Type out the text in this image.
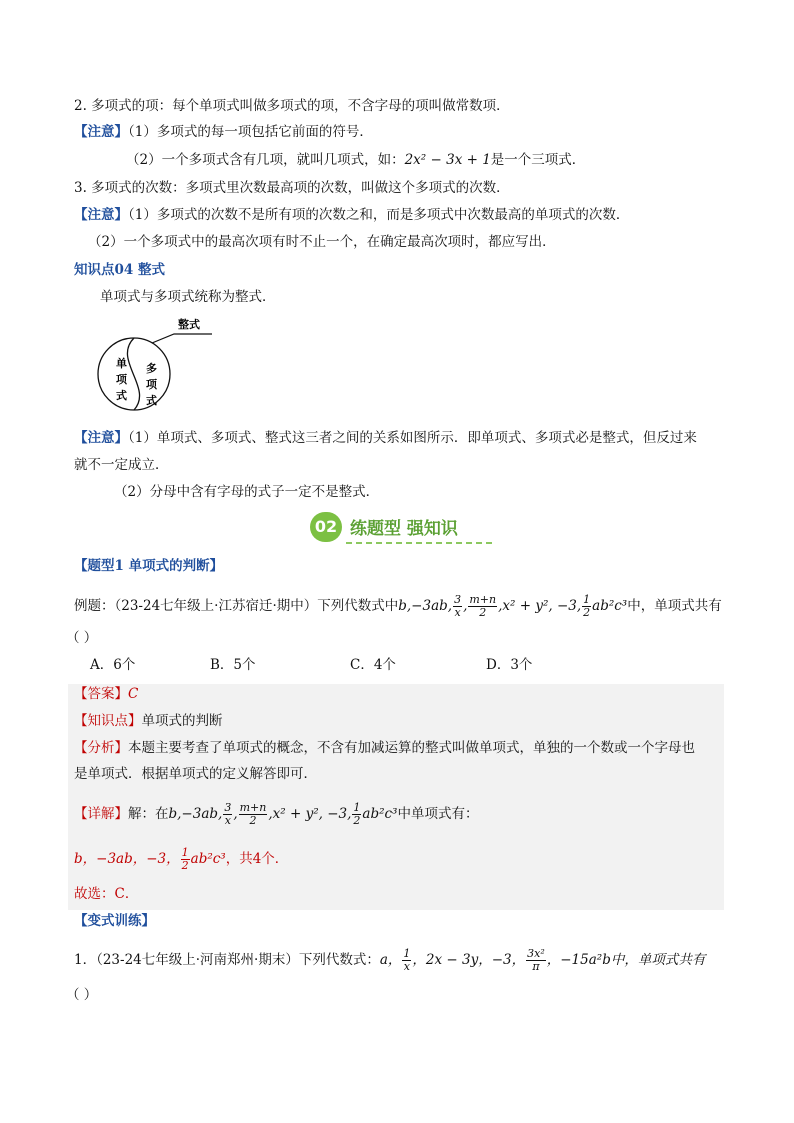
2. 多项式的项：每个单项式叫做多项式的项，不含字母的项叫做常数项．
【注意】（1）多项式的每一项包括它前面的符号．
（2）一个多项式含有几项，就叫几项式，如：2x² − 3x + 1是一个三项式．
3. 多项式的次数：多项式里次数最高项的次数，叫做这个多项式的次数．
【注意】（1）多项式的次数不是所有项的次数之和，而是多项式中次数最高的单项式的次数．
（2）一个多项式中的最高次项有时不止一个，在确定最高次项时，都应写出．
知识点04 整式
单项式与多项式统称为整式．
整式
单
项
式
多
项
式
【注意】（1）单项式、多项式、整式这三者之间的关系如图所示．即单项式、多项式必是整式，但反过来
就不一定成立．
（2）分母中含有字母的式子一定不是整式．
02 练题型 强知识
【题型1 单项式的判断】
例题：（23-24七年级上·江苏宿迁·期中）下列代数式中b,−3ab, $\frac{3}{x}$ , $\frac{m+n}{2} ,x^2 + y^2$, −3, $\frac{1}{2} ab^2c^3$中，单项式共有
（ ）
A．6个	B．5个	C．4个	D．3个
【答案】C
【知识点】单项式的判断
【分析】本题主要考查了单项式的概念，不含有加减运算的整式叫做单项式，单独的一个数或一个字母也
是单项式．根据单项式的定义解答即可．
【详解】解：在b,−3ab, $\frac{3}{x}$ , $\frac{m+n}{2} ,x^2 + y^2$, −3, $\frac{1}{2} ab^2c^3$中单项式有：
b，−3ab，−3， $\frac{1}{2} ab^2c^3$，共4个．
故选：C．
【变式训练】
1．（23-24七年级上·河南郑州·期末）下列代数式：a， $\frac{1}{x}$ ，2x − 3y，−3， $\frac{\text{3x²}}{\pi}$ ，−15a²b中，单项式共有
（ ）
